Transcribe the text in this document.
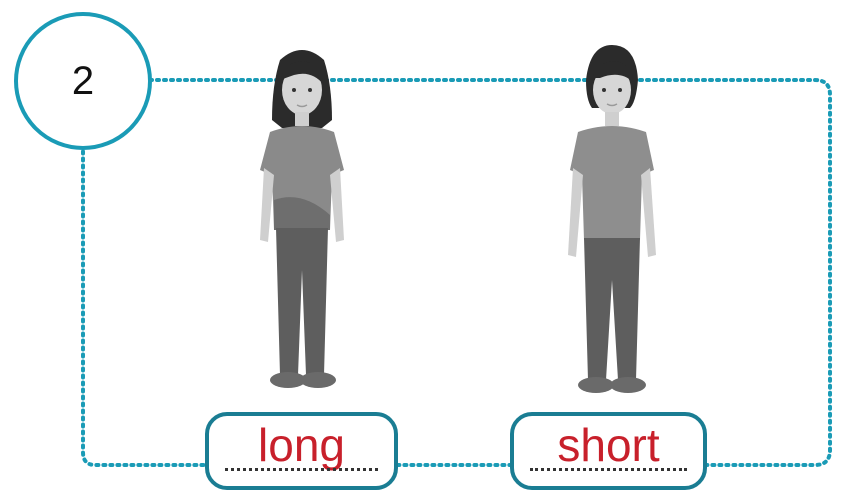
2
long	short
